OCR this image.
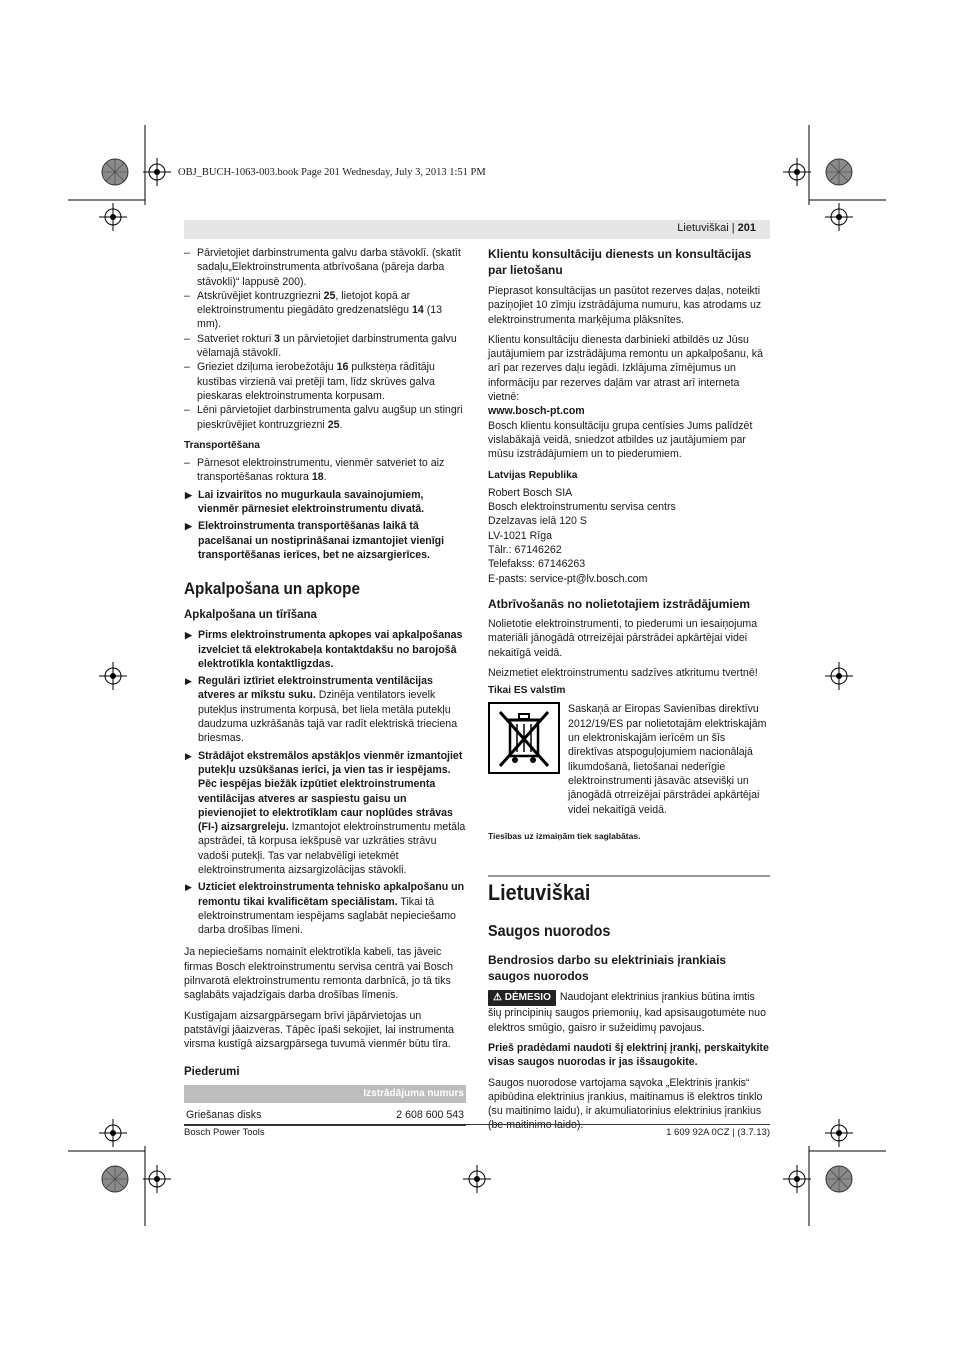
OBJ_BUCH-1063-003.book Page 201 Wednesday, July 3, 2013 1:51 PM
Lietuviškai | 201
– Pārvietojiet darbinstrumenta galvu darba stāvoklī. (skatīt sadaļu„Elektroinstrumenta atbrīvošana (pāreja darba stāvokli)“ lappusē 200).
– Atskrūvējiet kontruzgriezni 25, lietojot kopā ar elektroinstrumentu piegādāto gredzenatslēgu 14 (13 mm).
– Satveriet rokturi 3 un pārvietojiet darbinstrumenta galvu vēlamajā stāvoklī.
– Grieziet dziļuma ierobežotāju 16 pulksteņa rādītāju kustības virzienā vai pretēji tam, līdz skrūves galva pieskaras elektroinstrumenta korpusam.
– Lēni pārvietojiet darbinstrumenta galvu augšup un stingri pieskrūvējiet kontruzgriezni 25.
Transportēšana
– Pārnesot elektroinstrumentu, vienmēr satveriet to aiz transportēšanas roktura 18.
▶ Lai izvairītos no mugurkaula savainojumiem, vienmēr pārnesiet elektroinstrumentu divatā.
▶ Elektroinstrumenta transportēšanas laikā tā pacelšanai un nostiprināšanai izmantojiet vienīgi transportēšanas ierīces, bet ne aizsargierīces.
Apkalpošana un apkope
Apkalpošana un tīrīšana
▶ Pirms elektroinstrumenta apkopes vai apkalpošanas izvelciet tā elektrokabeļa kontaktdakšu no barojošā elektrotīkla kontaktligzdas.
▶ Regulāri iztīriet elektroinstrumenta ventilācijas atveres ar mīkstu suku. Dzinēja ventilators ievelk putekļus instrumenta korpusā, bet liela metāla putekļu daudzuma uzkrāšanās tajā var radīt elektriskā trieciena briesmas.
▶ Strādājot ekstremālos apstākļos vienmēr izmantojiet putekļu uzsūkšanas ierīci, ja vien tas ir iespējams. Pēc iespējas biežāk izpūtiet elektroinstrumenta ventilācijas atveres ar saspiestu gaisu un pievienojiet to elektrotīklam caur noplūdes strāvas (FI-) aizsargreleju. Izmantojot elektroinstrumentu metāla apstrādei, tā korpusa iekšpusē var uzkrāties strāvu vadoši putekļi. Tas var nelabvēlīgi ietekmēt elektroinstrumenta aizsargizolācijas stāvokli.
▶ Uzticiet elektroinstrumenta tehnisko apkalpošanu un remontu tikai kvalificētam speciālistam. Tikai tā elektroinstrumentam iespējams saglabāt nepieciešamo darba drošības līmeni.
Ja nepieciešams nomainīt elektrotīkla kabeli, tas jāveic firmas Bosch elektroinstrumentu servisa centrā vai Bosch pilnvarotā elektroinstrumentu remonta darbnīcā, jo tā tiks saglabāts vajadzīgais darba drošības līmenis.
Kustīgajam aizsargpārsegam brīvi jāpārvietojas un patstāvīgi jāaizveras. Tāpēc īpaši sekojiet, lai instrumenta virsma kustīgā aizsargpārsega tuvumā vienmēr būtu tīra.
Piederumi
	Izstrādājuma numurs
Griešanas disks	2 608 600 543
Klientu konsultāciju dienests un konsultācijas par lietošanu
Pieprasot konsultācijas un pasūtot rezerves daļas, noteikti paziņojiet 10 zīmju izstrādājuma numuru, kas atrodams uz elektroinstrumenta marķējuma plāksnītes.
Klientu konsultāciju dienesta darbinieki atbildēs uz Jūsu jautājumiem par izstrādājuma remontu un apkalpošanu, kā arī par rezerves daļu iegādi. Izklājuma zīmējumus un informāciju par rezerves daļām var atrast arī interneta vietnē:
www.bosch-pt.com
Bosch klientu konsultāciju grupa centīsies Jums palīdzēt vislabākajā veidā, sniedzot atbildes uz jautājumiem par mūsu izstrādājumiem un to piederumiem.
Latvijas Republika
Robert Bosch SIA
Bosch elektroinstrumentu servisa centrs
Dzelzavas ielā 120 S
LV-1021 Rīga
Tālr.: 67146262
Telefakss: 67146263
E-pasts: service-pt@lv.bosch.com
Atbrīvošanās no nolietotajiem izstrādājumiem
Nolietotie elektroinstrumenti, to piederumi un iesaiņojuma materiāli jānogādā otrreizējai pārstrādei apkārtējai videi nekaitīgā veidā.
Neizmetiet elektroinstrumentu sadzīves atkritumu tvertnē!
Tikai ES valstīm
Saskaņā ar Eiropas Savienības direktīvu 2012/19/ES par nolietotajām elektriskajām un elektroniskajām ierīcēm un šīs direktīvas atspoguļojumiem nacionālajā likumdošanā, lietošanai nederīgie elektroinstrumenti jāsavāc atsevišķi un jānogādā otrreizējai pārstrādei apkārtējai videi nekaitīgā veidā.
Tiesības uz izmaiņām tiek saglabātas.
Lietuviškai
Saugos nuorodos
Bendrosios darbo su elektriniais įrankiais saugos nuorodos
⚠ DĖMESIO Naudojant elektrinius įrankius būtina imtis šių principinių saugos priemonių, kad apsisaugotumėte nuo elektros smūgio, gaisro ir sužeidimų pavojaus.
Prieš pradėdami naudoti šį elektrinį įrankį, perskaitykite visas saugos nuorodas ir jas išsaugokite.
Saugos nuorodose vartojama sąvoka „Elektrinis įrankis“ apibūdina elektrinius įrankius, maitinamus iš elektros tinklo (su maitinimo laidu), ir akumuliatorinius elektrinius įrankius (be maitinimo laido).
Bosch Power Tools	1 609 92A 0CZ | (3.7.13)
